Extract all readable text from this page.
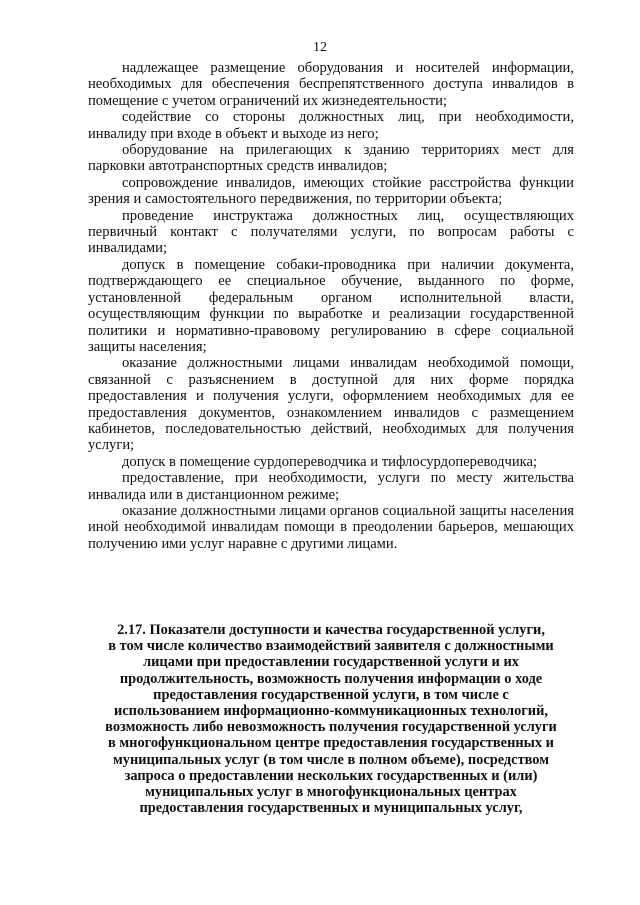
12

надлежащее размещение оборудования и носителей информации, необходимых для обеспечения беспрепятственного доступа инвалидов в помещение с учетом ограничений их жизнедеятельности;

содействие со стороны должностных лиц, при необходимости, инвалиду при входе в объект и выходе из него;

оборудование на прилегающих к зданию территориях мест для парковки автотранспортных средств инвалидов;

сопровождение инвалидов, имеющих стойкие расстройства функции зрения и самостоятельного передвижения, по территории объекта;

проведение инструктажа должностных лиц, осуществляющих первичный контакт с получателями услуги, по вопросам работы с инвалидами;

допуск в помещение собаки-проводника при наличии документа, подтверждающего ее специальное обучение, выданного по форме, установленной федеральным органом исполнительной власти, осуществляющим функции по выработке и реализации государственной политики и нормативно-правовому регулированию в сфере социальной защиты населения;

оказание должностными лицами инвалидам необходимой помощи, связанной с разъяснением в доступной для них форме порядка предоставления и получения услуги, оформлением необходимых для ее предоставления документов, ознакомлением инвалидов с размещением кабинетов, последовательностью действий, необходимых для получения услуги;

допуск в помещение сурдопереводчика и тифлосурдопереводчика;

предоставление, при необходимости, услуги по месту жительства инвалида или в дистанционном режиме;

оказание должностными лицами органов социальной защиты населения иной необходимой инвалидам помощи в преодолении барьеров, мешающих получению ими услуг наравне с другими лицами.

2.17. Показатели доступности и качества государственной услуги,
в том числе количество взаимодействий заявителя с должностными
лицами при предоставлении государственной услуги и их
продолжительность, возможность получения информации о ходе
предоставления государственной услуги, в том числе с
использованием информационно-коммуникационных технологий,
возможность либо невозможность получения государственной услуги
в многофункциональном центре предоставления государственных и
муниципальных услуг (в том числе в полном объеме), посредством
запроса о предоставлении нескольких государственных и (или)
муниципальных услуг в многофункциональных центрах
предоставления государственных и муниципальных услуг,
